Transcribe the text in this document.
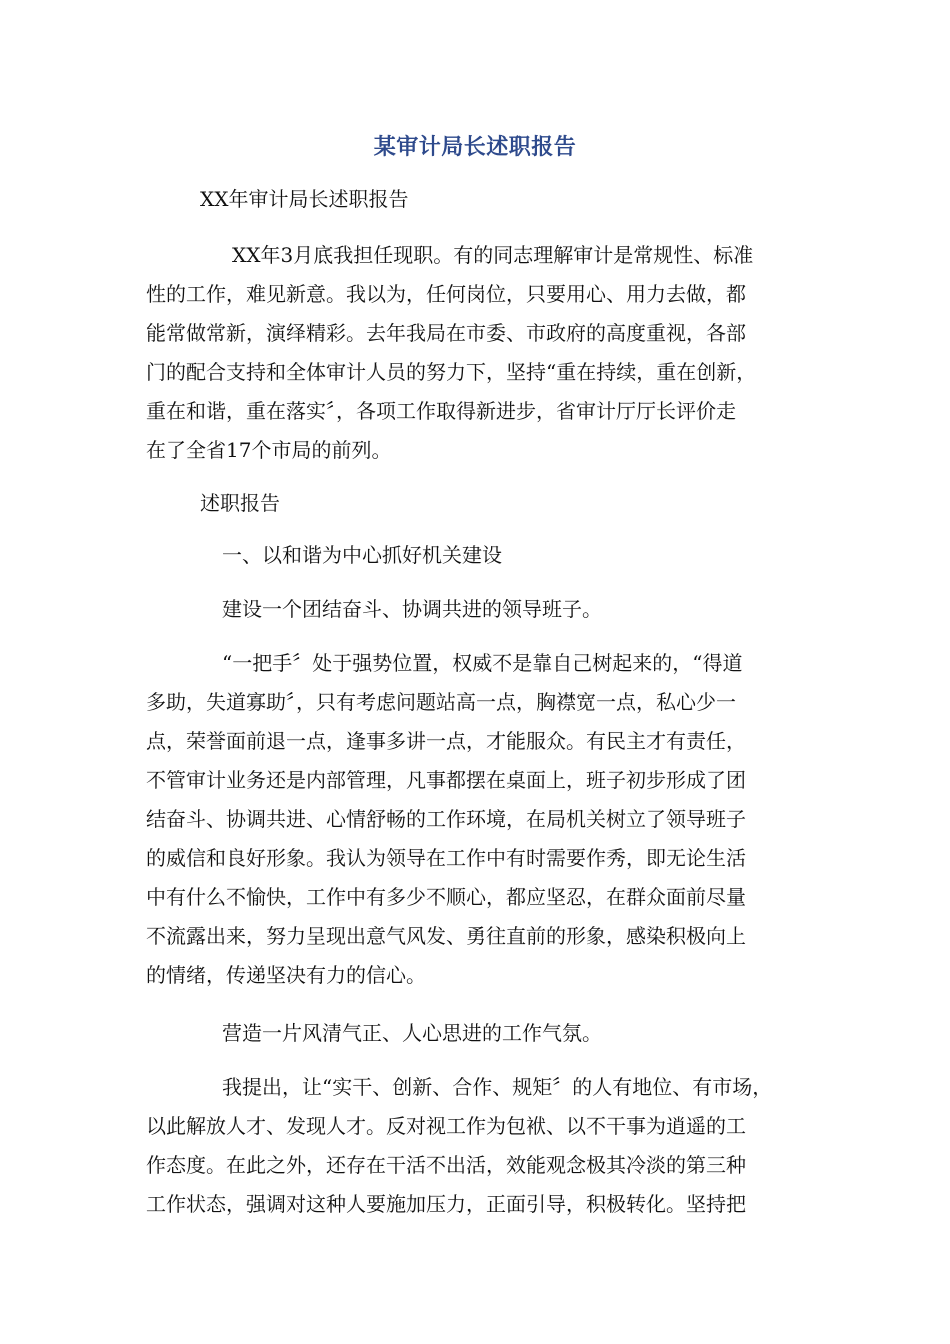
某审计局长述职报告
XX年审计局长述职报告
XX年3月底我担任现职。有的同志理解审计是常规性、标准
性的工作，难见新意。我以为，任何岗位，只要用心、用力去做，都
能常做常新，演绎精彩。去年我局在市委、市政府的高度重视，各部
门的配合支持和全体审计人员的努力下，坚持“重在持续，重在创新，
重在和谐，重在落实〞，各项工作取得新进步，省审计厅厅长评价走
在了全省17个市局的前列。
述职报告
一、以和谐为中心抓好机关建设
建设一个团结奋斗、协调共进的领导班子。
“一把手〞处于强势位置，权威不是靠自己树起来的，“得道
多助，失道寡助〞，只有考虑问题站高一点，胸襟宽一点，私心少一
点，荣誉面前退一点，逢事多讲一点，才能服众。有民主才有责任，
不管审计业务还是内部管理，凡事都摆在桌面上，班子初步形成了团
结奋斗、协调共进、心情舒畅的工作环境，在局机关树立了领导班子
的威信和良好形象。我认为领导在工作中有时需要作秀，即无论生活
中有什么不愉快，工作中有多少不顺心，都应坚忍，在群众面前尽量
不流露出来，努力呈现出意气风发、勇往直前的形象，感染积极向上
的情绪，传递坚决有力的信心。
营造一片风清气正、人心思进的工作气氛。
我提出，让“实干、创新、合作、规矩〞的人有地位、有市场，
以此解放人才、发现人才。反对视工作为包袱、以不干事为逍遥的工
作态度。在此之外，还存在干活不出活，效能观念极其冷淡的第三种
工作状态，强调对这种人要施加压力，正面引导，积极转化。坚持把
